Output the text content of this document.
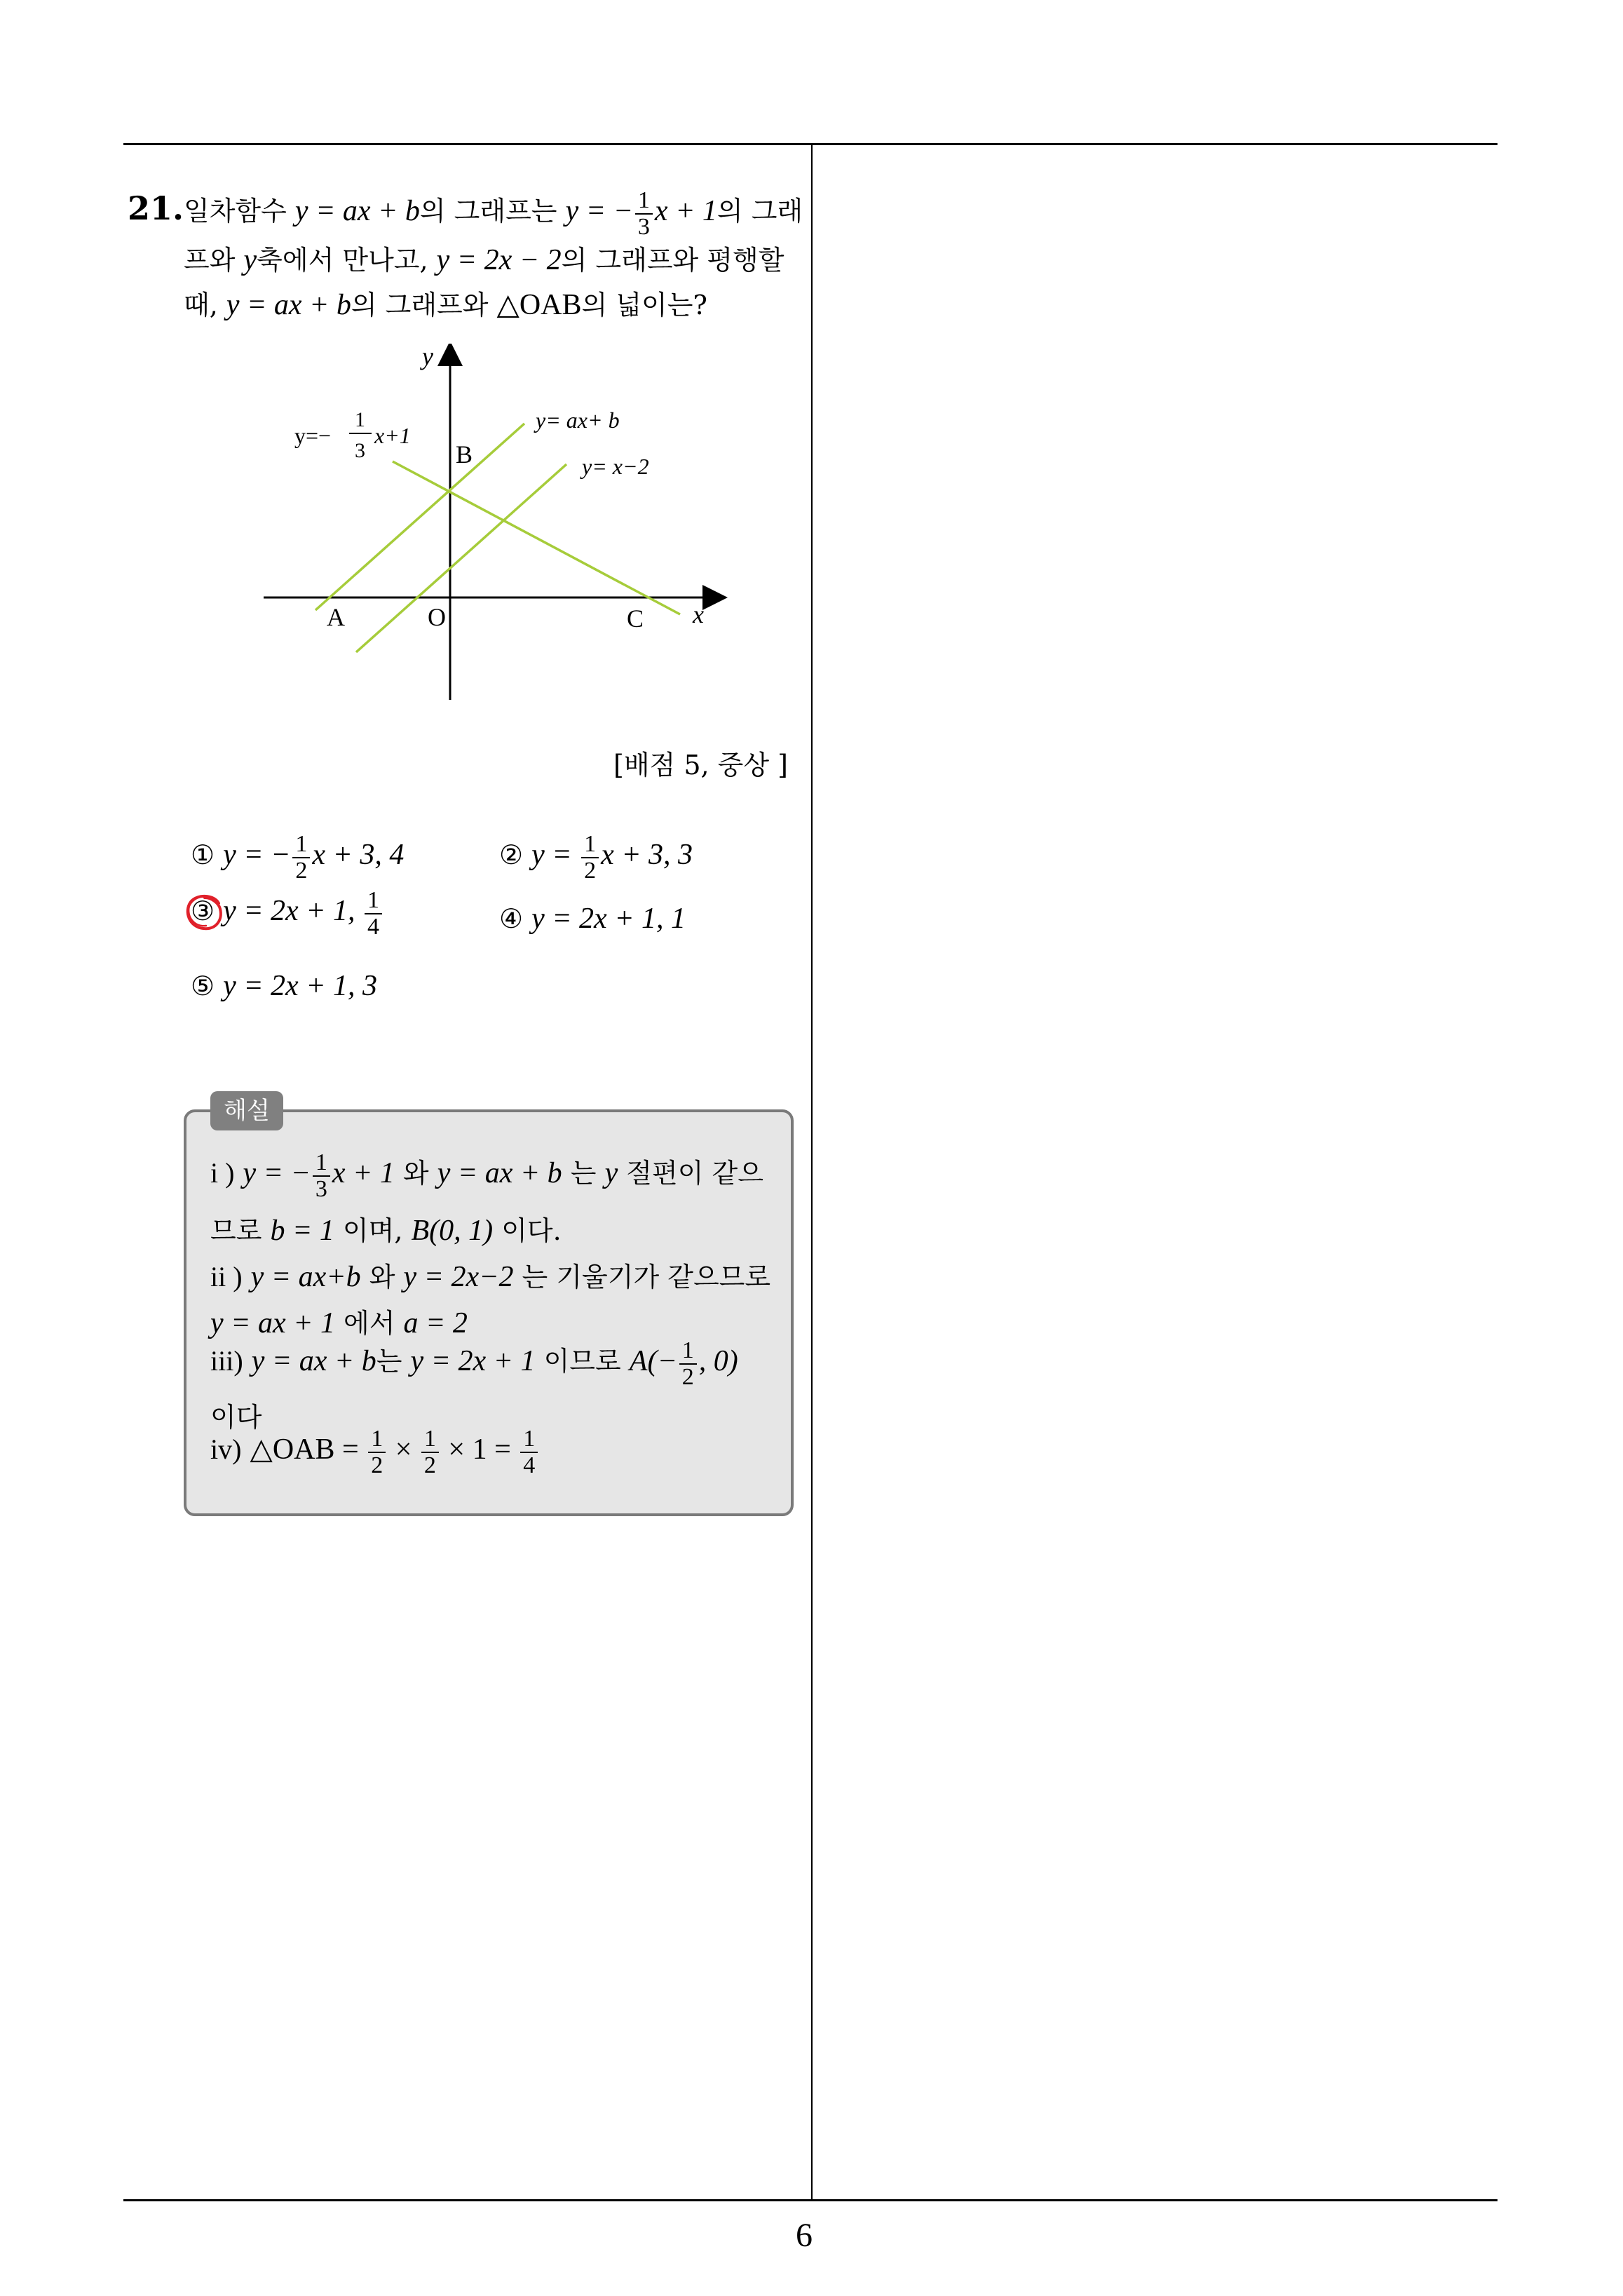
6
21. 일차함수 y = ax + b의 그래프는 y = − $\frac{1}{3}$ x + 1의 그래
프와 y축에서 만나고, y = 2x − 2의 그래프와 평행할
때, y = ax + b의 그래프와 △OAB의 넓이는?
y
x
y=−
1
3
x+1
y= ax+ b
y= x−2
A
B
C
O
[배점 5, 중상 ]
① y = − $\frac{1}{2}$ x + 3, 4	② $y = \frac{1}{2}$ x + 3, 3
③ y = 2x + 1, $\frac{1}{4}$	④ y = 2x + 1, 1
⑤ y = 2x + 1, 3
해설
i ) y = − $\frac{1}{3}$ x + 1 와 y = ax + b 는 y 절편이 같으
므로 b = 1 이며, B(0, 1) 이다.
ii ) y = ax+b 와 y = 2x−2 는 기울기가 같으므로
y = ax + 1 에서 a = 2
iii) y = ax + b는 y = 2x + 1 이므로 $A(- \frac{1}{2}$ , 0)
이다
iv) △OAB = $\frac{1}{2} \times \frac{1}{2} \times 1 = \frac{1}{4}$
